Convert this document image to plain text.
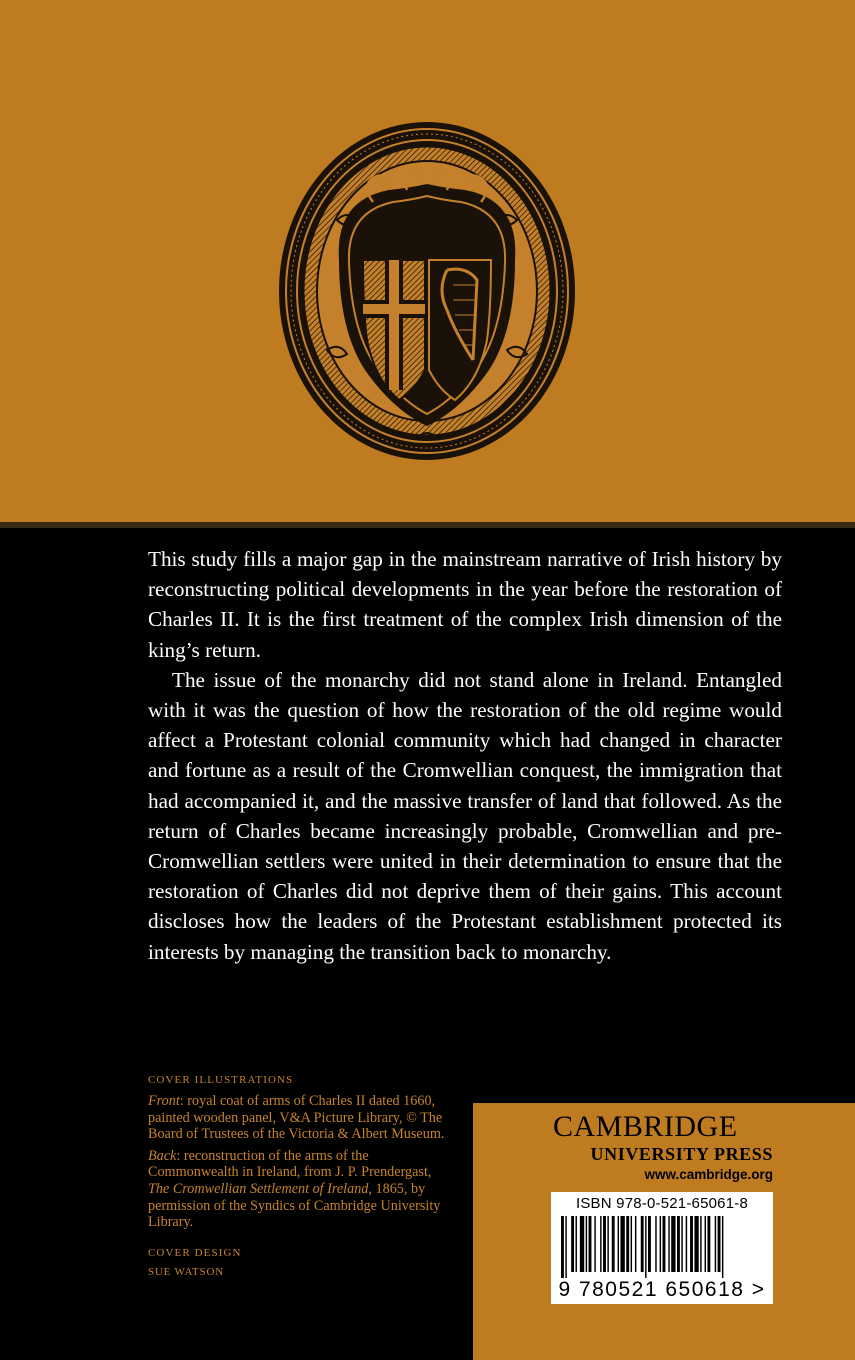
This study fills a major gap in the mainstream narrative of Irish history by reconstructing political developments in the year before the restoration of Charles II. It is the first treatment of the complex Irish dimension of the king’s return.

The issue of the monarchy did not stand alone in Ireland. Entangled with it was the question of how the restoration of the old regime would affect a Protestant colonial community which had changed in character and fortune as a result of the Cromwellian conquest, the immigration that had accompanied it, and the massive transfer of land that followed. As the return of Charles became increasingly probable, Cromwellian and pre-Cromwellian settlers were united in their determination to ensure that the restoration of Charles did not deprive them of their gains. This account discloses how the leaders of the Protestant establishment protected its interests by managing the transition back to monarchy.

COVER ILLUSTRATIONS
Front: royal coat of arms of Charles II dated 1660, painted wooden panel, V&A Picture Library, © The Board of Trustees of the Victoria & Albert Museum.
Back: reconstruction of the arms of the Commonwealth in Ireland, from J. P. Prendergast, The Cromwellian Settlement of Ireland, 1865, by permission of the Syndics of Cambridge University Library.
COVER DESIGN
SUE WATSON
CAMBRIDGE
UNIVERSITY PRESS
www.cambridge.org
ISBN 978-0-521-65061-8
9 780521 650618 >
